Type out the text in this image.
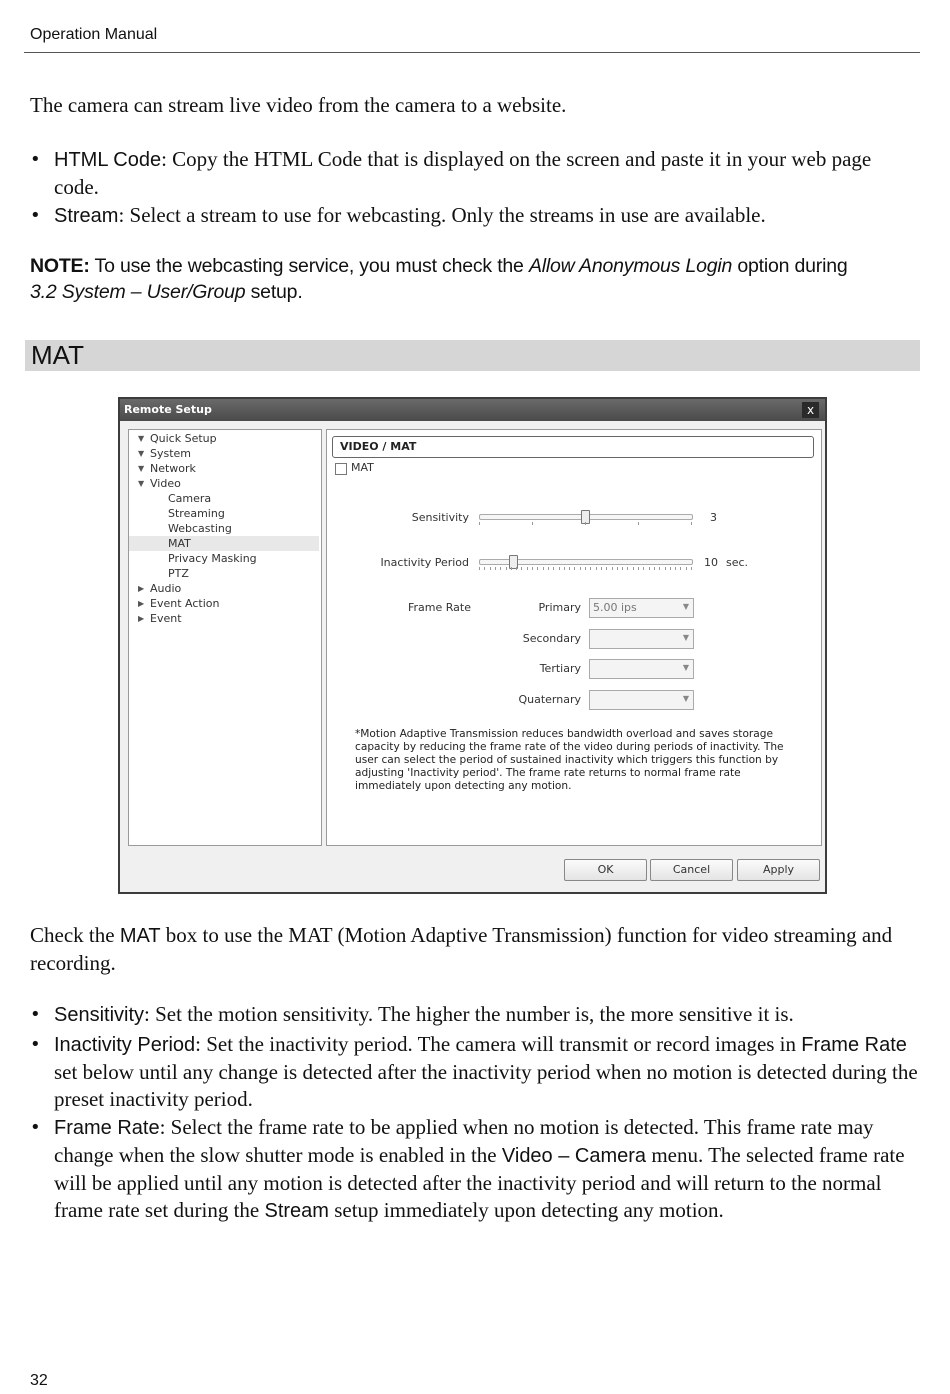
Operation Manual
The camera can stream live video from the camera to a website.
• HTML Code: Copy the HTML Code that is displayed on the screen and paste it in your web page code.
• Stream: Select a stream to use for webcasting. Only the streams in use are available.
NOTE: To use the webcasting service, you must check the Allow Anonymous Login option during
3.2 System – User/Group setup.
MAT
Remote Setup	x
▼ Quick Setup
▼ System
▼ Network
▼ Video
Camera
Streaming
Webcasting
MAT
Privacy Masking
PTZ
▶ Audio
▶ Event Action
▶ Event
VIDEO / MAT
MAT
Sensitivity	3
Inactivity Period	10 sec.
Frame Rate	Primary 5.00 ips	▼
Secondary	▼
Tertiary	▼
Quaternary	▼
*Motion Adaptive Transmission reduces bandwidth overload and saves storage capacity by reducing the frame rate of the video during periods of inactivity. The user can select the period of sustained inactivity which triggers this function by adjusting 'Inactivity period'. The frame rate returns to normal frame rate immediately upon detecting any motion.
OK	Cancel	Apply
Check the MAT box to use the MAT (Motion Adaptive Transmission) function for video streaming and recording.
• Sensitivity: Set the motion sensitivity. The higher the number is, the more sensitive it is.
• Inactivity Period: Set the inactivity period. The camera will transmit or record images in Frame Rate set below until any change is detected after the inactivity period when no motion is detected during the preset inactivity period.
• Frame Rate: Select the frame rate to be applied when no motion is detected. This frame rate may change when the slow shutter mode is enabled in the Video – Camera menu. The selected frame rate will be applied until any motion is detected after the inactivity period and will return to the normal frame rate set during the Stream setup immediately upon detecting any motion.
32
